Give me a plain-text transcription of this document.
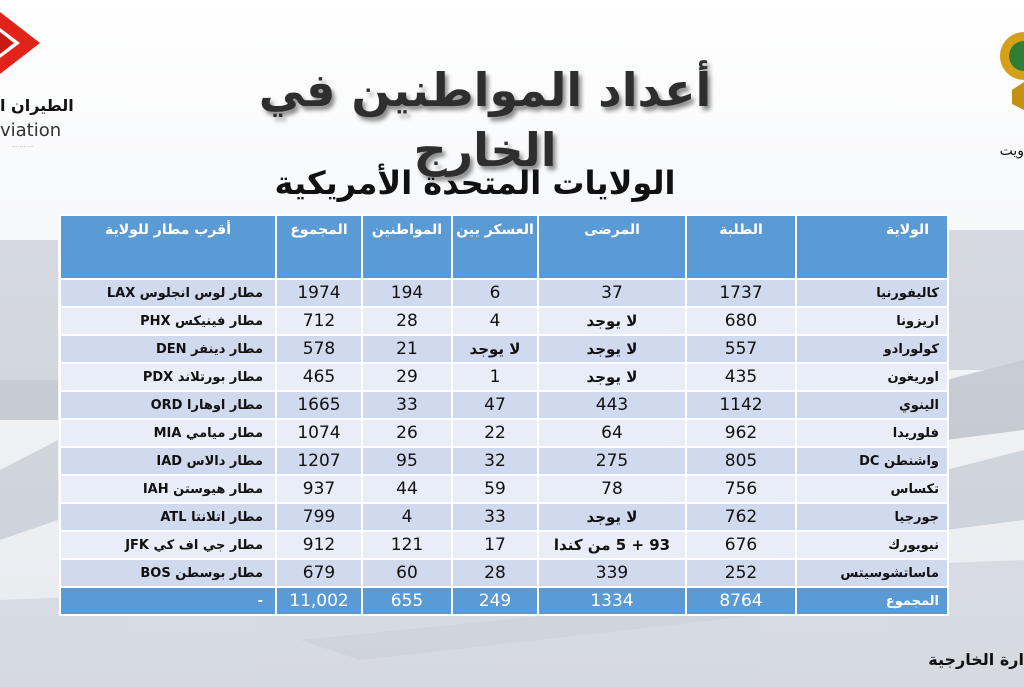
الطيران ا
viation
... ... ...	ويت
أعداد المواطنين في الخارج
الولايات المتحدة الأمريكية
الولاية	الطلبة	المرضى	العسكر يين	المواطنين	المجموع	أقرب مطار للولاية
كاليفورنيا	1737	37	6	194	1974	مطار لوس انجلوس LAX
اريزونا	680	لا يوجد	4	28	712	مطار فينيكس PHX
كولورادو	557	لا يوجد	لا يوجد	21	578	مطار دينفر DEN
اوريغون	435	لا يوجد	1	29	465	مطار بورتلاند PDX
الينوي	1142	443	47	33	1665	مطار اوهارا ORD
فلوريدا	962	64	22	26	1074	مطار ميامي MIA
واشنطن DC	805	275	32	95	1207	مطار دالاس IAD
تكساس	756	78	59	44	937	مطار هيوستن IAH
جورجيا	762	لا يوجد	33	4	799	مطار اتلانتا ATL
نيويورك	676	93 + 5 من كندا	17	121	912	مطار جي اف كي JFK
ماساتشوسيتس	252	339	28	60	679	مطار بوسطن BOS
المجموع	8764	1334	249	655	11,002	-
ارة الخارجية
